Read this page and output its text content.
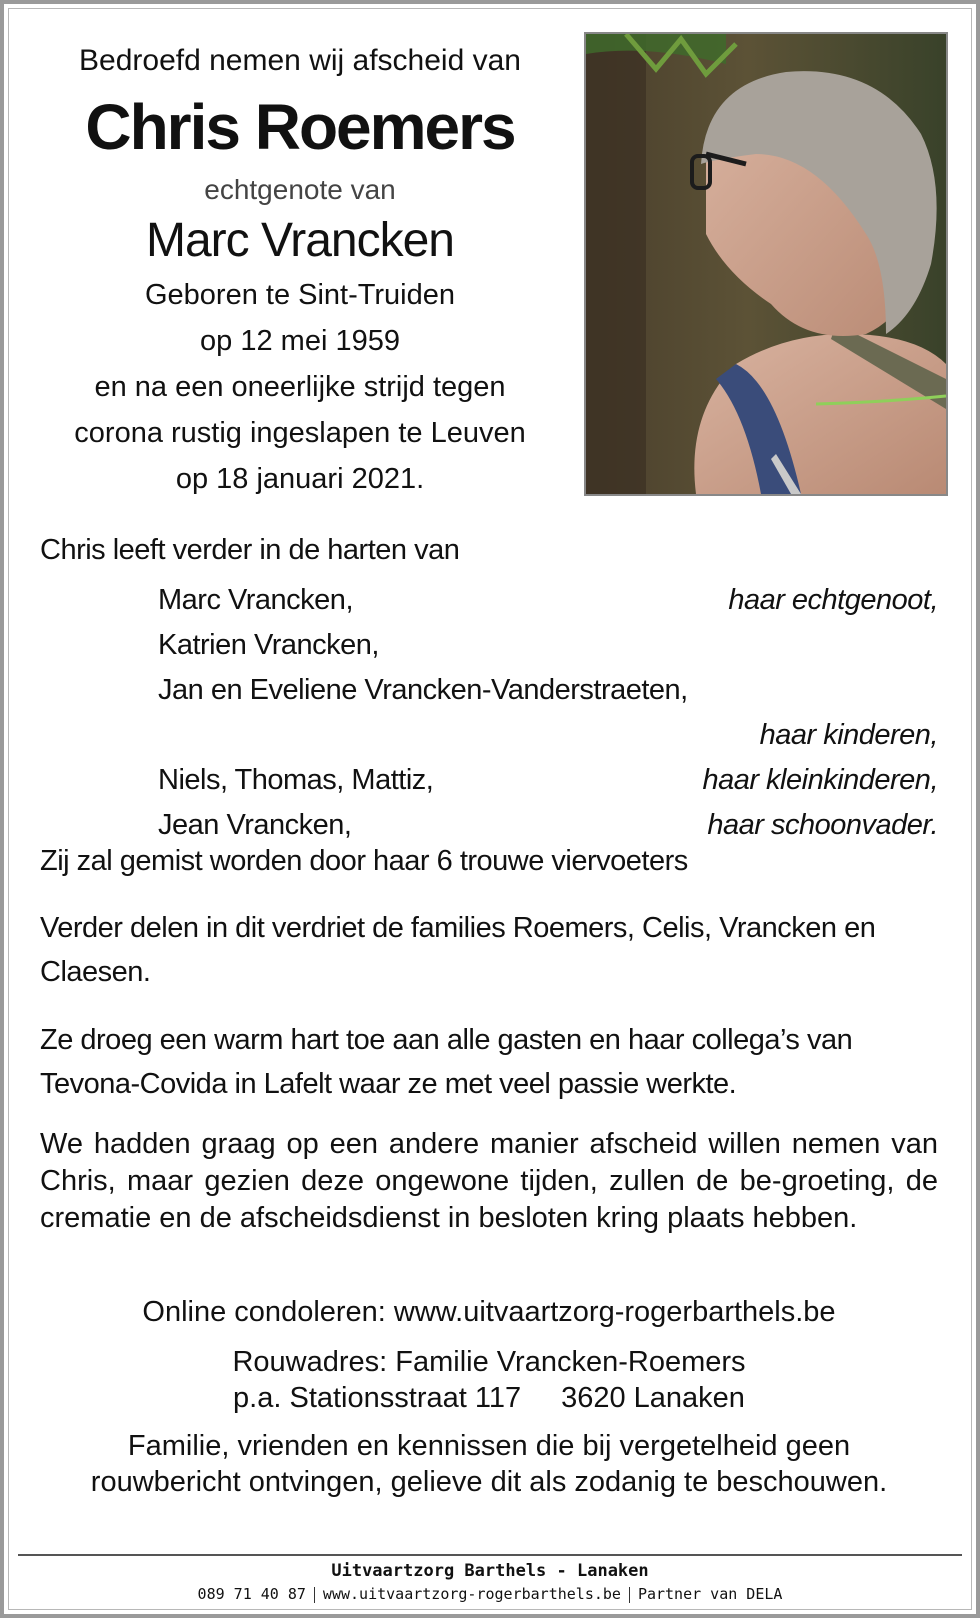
Bedroefd nemen wij afscheid van
Chris Roemers
echtgenote van
Marc Vrancken
Geboren te Sint-Truiden
op 12 mei 1959
en na een oneerlijke strijd tegen
corona rustig ingeslapen te Leuven
op 18 januari 2021.
Chris leeft verder in de harten van
Marc Vrancken,	haar echtgenoot,
Katrien Vrancken,
Jan en Eveliene Vrancken-Vanderstraeten,
haar kinderen,
Niels, Thomas, Mattiz,	haar kleinkinderen,
Jean Vrancken,	haar schoonvader.
Zij zal gemist worden door haar 6 trouwe viervoeters
Verder delen in dit verdriet de families Roemers, Celis, Vrancken en Claesen.
Ze droeg een warm hart toe aan alle gasten en haar collega’s van Tevona-Covida in Lafelt waar ze met veel passie werkte.
We hadden graag op een andere manier afscheid willen nemen van Chris, maar gezien deze ongewone tijden, zullen de be-groeting, de crematie en de afscheidsdienst in besloten kring plaats hebben.
Online condoleren: www.uitvaartzorg-rogerbarthels.be
Rouwadres: Familie Vrancken-Roemers
p.a. Stationsstraat 117 3620 Lanaken
Familie, vrienden en kennissen die bij vergetelheid geen
rouwbericht ontvingen, gelieve dit als zodanig te beschouwen.
Uitvaartzorg Barthels - Lanaken
089 71 40 87 www.uitvaartzorg-rogerbarthels.be Partner van DELA
